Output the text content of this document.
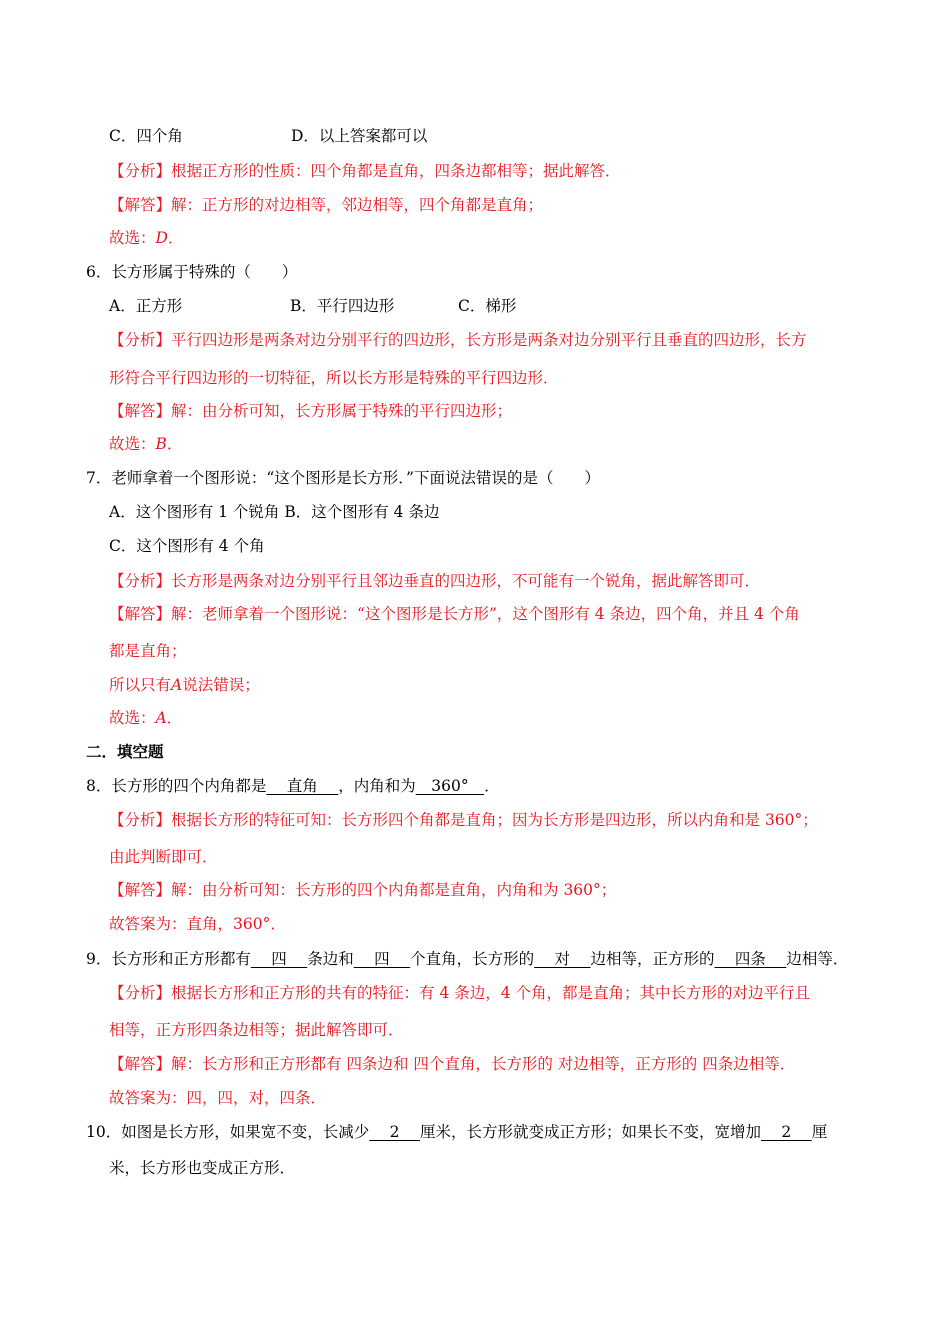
C．四个角	D．以上答案都可以
【分析】根据正方形的性质：四个角都是直角，四条边都相等；据此解答．
【解答】解：正方形的对边相等，邻边相等，四个角都是直角；
故选：D．
6．长方形属于特殊的（　　）
A．正方形	B．平行四边形	C．梯形
【分析】平行四边形是两条对边分别平行的四边形，长方形是两条对边分别平行且垂直的四边形，长方
形符合平行四边形的一切特征，所以长方形是特殊的平行四边形．
【解答】解：由分析可知，长方形属于特殊的平行四边形；
故选：B．
7．老师拿着一个图形说：“这个图形是长方形．”下面说法错误的是（　　）
A．这个图形有 1 个锐角 B．这个图形有 4 条边
C．这个图形有 4 个角
【分析】长方形是两条对边分别平行且邻边垂直的四边形，不可能有一个锐角，据此解答即可．
【解答】解：老师拿着一个图形说：“这个图形是长方形”，这个图形有 4 条边，四个角，并且 4 个角
都是直角；
所以只有A说法错误；
故选：A．
二．填空题
8．长方形的四个内角都是　 直角 　，内角和为　360°　．
【分析】根据长方形的特征可知：长方形四个角都是直角；因为长方形是四边形，所以内角和是 360°；
由此判断即可．
【解答】解：由分析可知：长方形的四个内角都是直角，内角和为 360°；
故答案为：直角，360°．
9．长方形和正方形都有　 四 　条边和　 四 　个直角，长方形的　 对 　边相等，正方形的　 四条 　边相等．
【分析】根据长方形和正方形的共有的特征：有 4 条边，4 个角，都是直角；其中长方形的对边平行且
相等，正方形四条边相等；据此解答即可．
【解答】解：长方形和正方形都有 四条边和 四个直角，长方形的 对边相等，正方形的 四条边相等．
故答案为：四，四，对，四条．
10．如图是长方形，如果宽不变，长减少　 2 　厘米，长方形就变成正方形；如果长不变，宽增加　 2 　厘
米，长方形也变成正方形．
